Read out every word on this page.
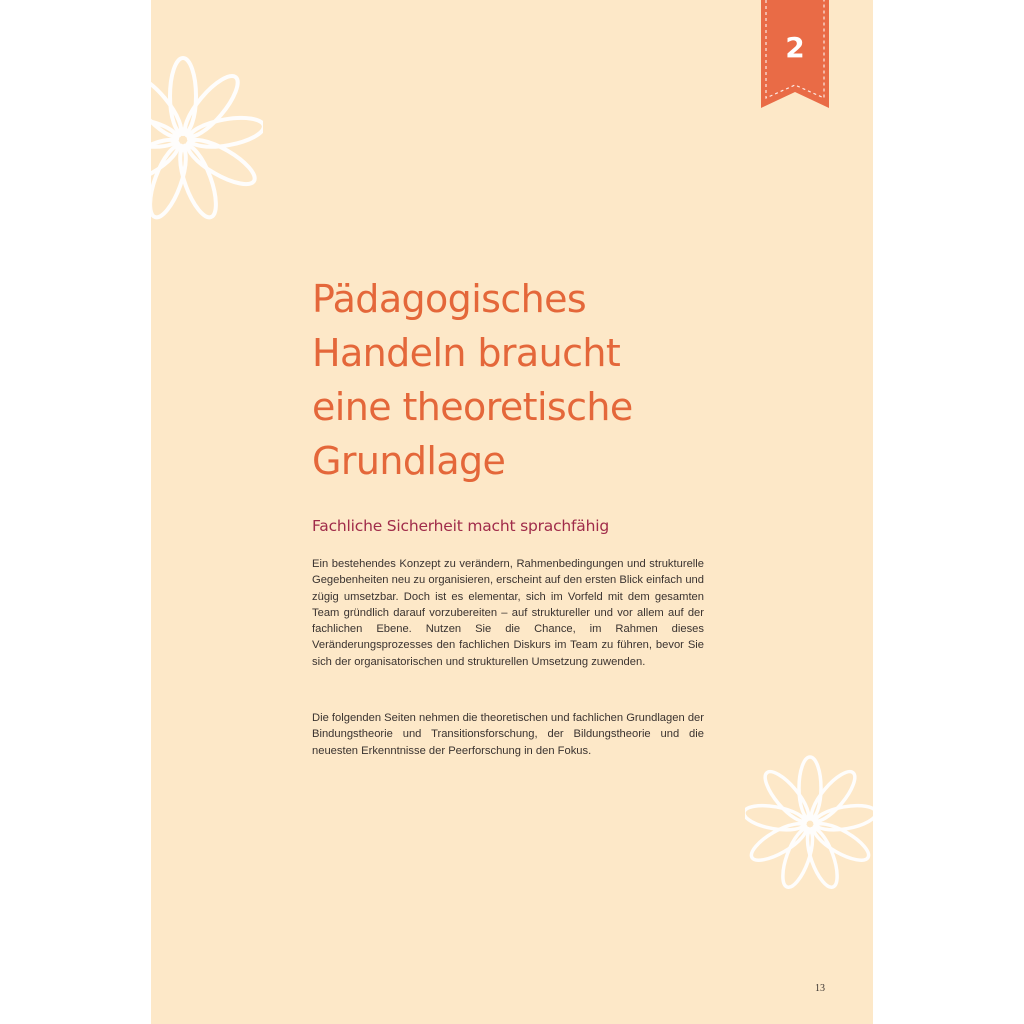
2
Pädagogisches
Handeln braucht
eine theoretische
Grundlage
Fachliche Sicherheit macht sprachfähig

Ein bestehendes Konzept zu verändern, Rahmenbedingungen und strukturelle Gegebenheiten neu zu organisieren, erscheint auf den ersten Blick einfach und zügig umsetzbar. Doch ist es elementar, sich im Vorfeld mit dem gesamten Team gründlich darauf vorzubereiten – auf struktureller und vor allem auf der fachlichen Ebene. Nutzen Sie die Chance, im Rahmen dieses Veränderungsprozesses den fachlichen Diskurs im Team zu führen, bevor Sie sich der organisatorischen und strukturellen Umsetzung zuwenden.

Die folgenden Seiten nehmen die theoretischen und fachlichen Grundlagen der Bindungstheorie und Transitionsforschung, der Bildungstheorie und die neuesten Erkenntnisse der Peerforschung in den Fokus.

13
